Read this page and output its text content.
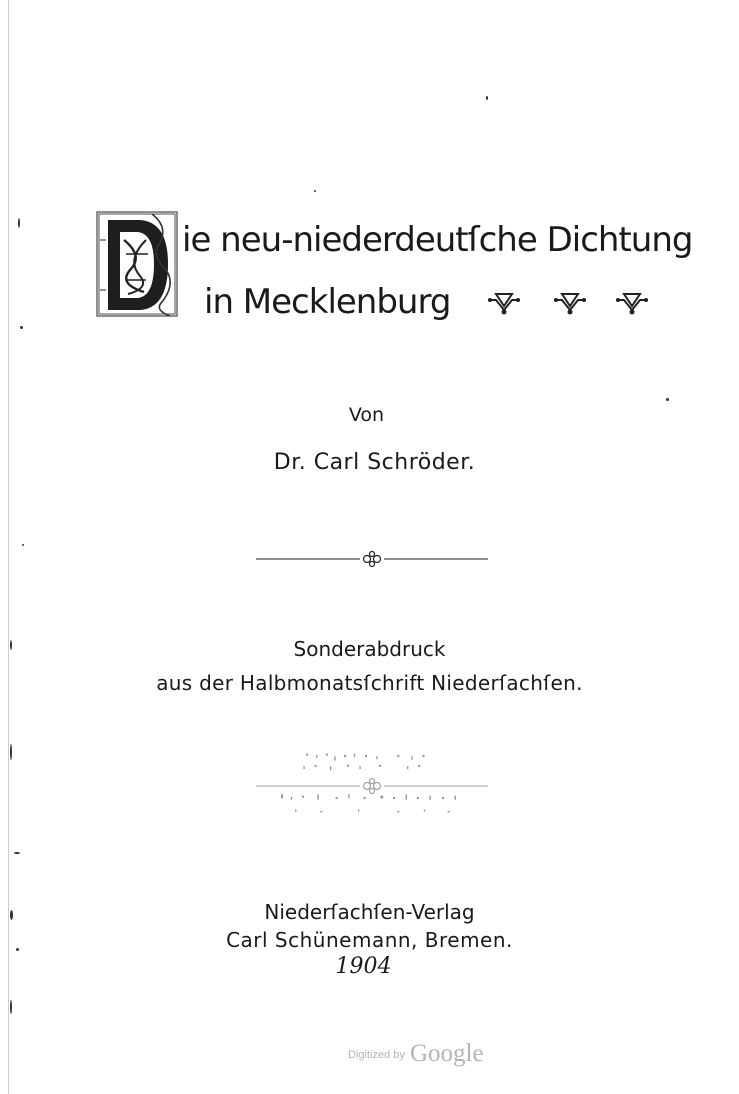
ie neu-niederdeutſche Dichtung
in Mecklenburg
Von
Dr. Carl Schröder.
Sonderabdruck
aus der Halbmonatsſchrift Niederſachſen.
Niederſachſen-Verlag
Carl Schünemann, Bremen.
1904
Digitized by Google
